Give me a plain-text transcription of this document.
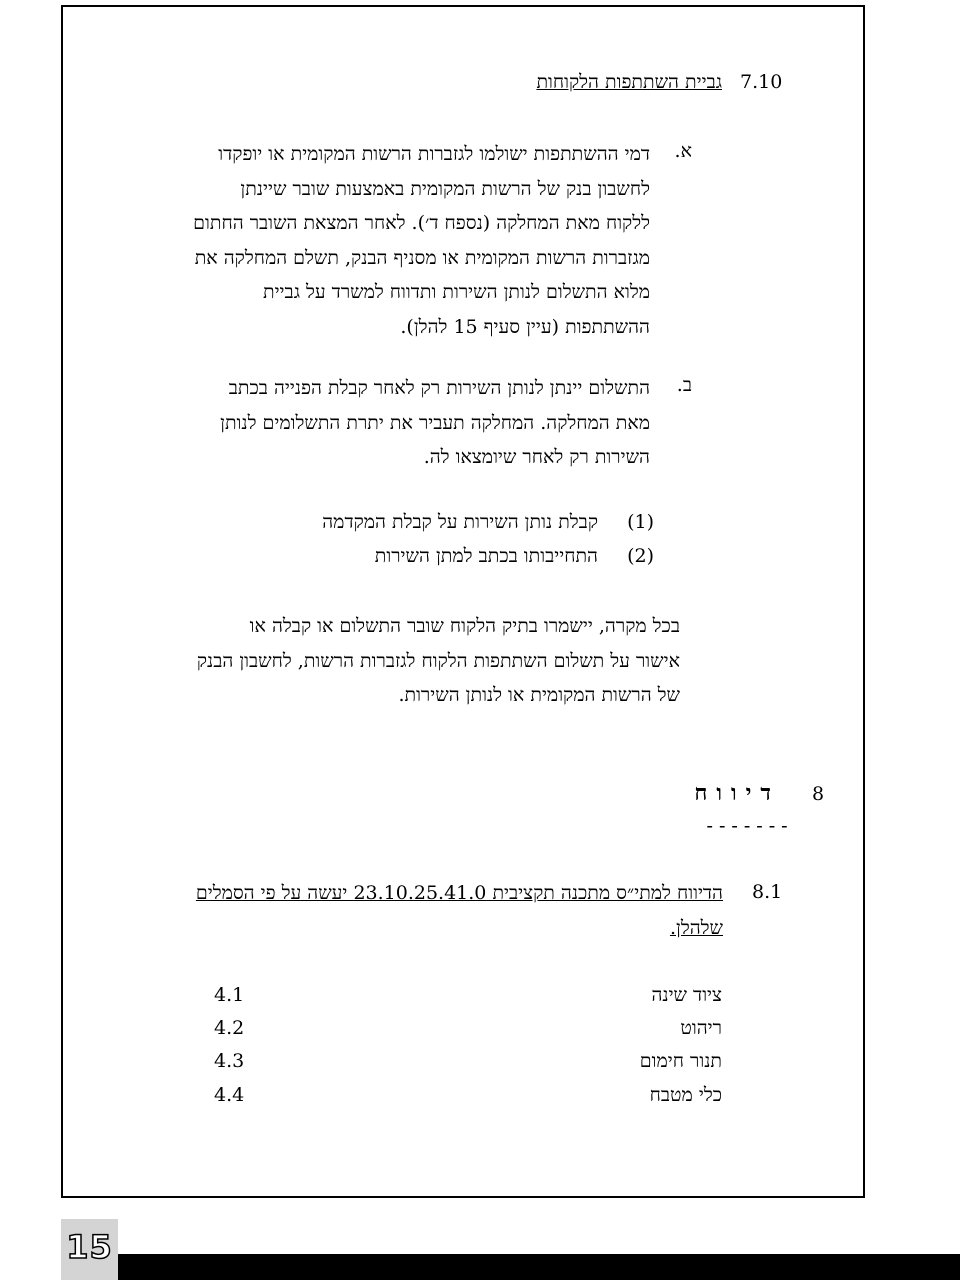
7.10
גביית השתתפות הלקוחות
א.
דמי ההשתתפות ישולמו לגזברות הרשות המקומית או יופקדו
לחשבון בנק של הרשות המקומית באמצעות שובר שיינתן
ללקוח מאת המחלקה (נספח ד׳). לאחר המצאת השובר החתום
מגזברות הרשות המקומית או מסניף הבנק, תשלם המחלקה את
מלוא התשלום לנותן השירות ותדווח למשרד על גביית
ההשתתפות (עיין סעיף 15 להלן).
ב.
התשלום יינתן לנותן השירות רק לאחר קבלת הפנייה בכתב
מאת המחלקה. המחלקה תעביר את יתרת התשלומים לנותן
השירות רק לאחר שיומצאו לה.
(1)
קבלת נותן השירות על קבלת המקדמה
(2)
התחייבותו בכתב למתן השירות
בכל מקרה, יישמרו בתיק הלקוח שובר התשלום או קבלה או
אישור על תשלום השתתפות הלקוח לגזברות הרשות, לחשבון הבנק
של הרשות המקומית או לנותן השירות.
8
דיווח
-------
8.1
הדיווח למתי״ס מתכנה תקציבית 23.10.25.41.0 יעשה על פי הסמלים
שלהלן.
ציוד שינה
4.1
ריהוט
4.2
תנור חימום
4.3
כלי מטבח
4.4
15
